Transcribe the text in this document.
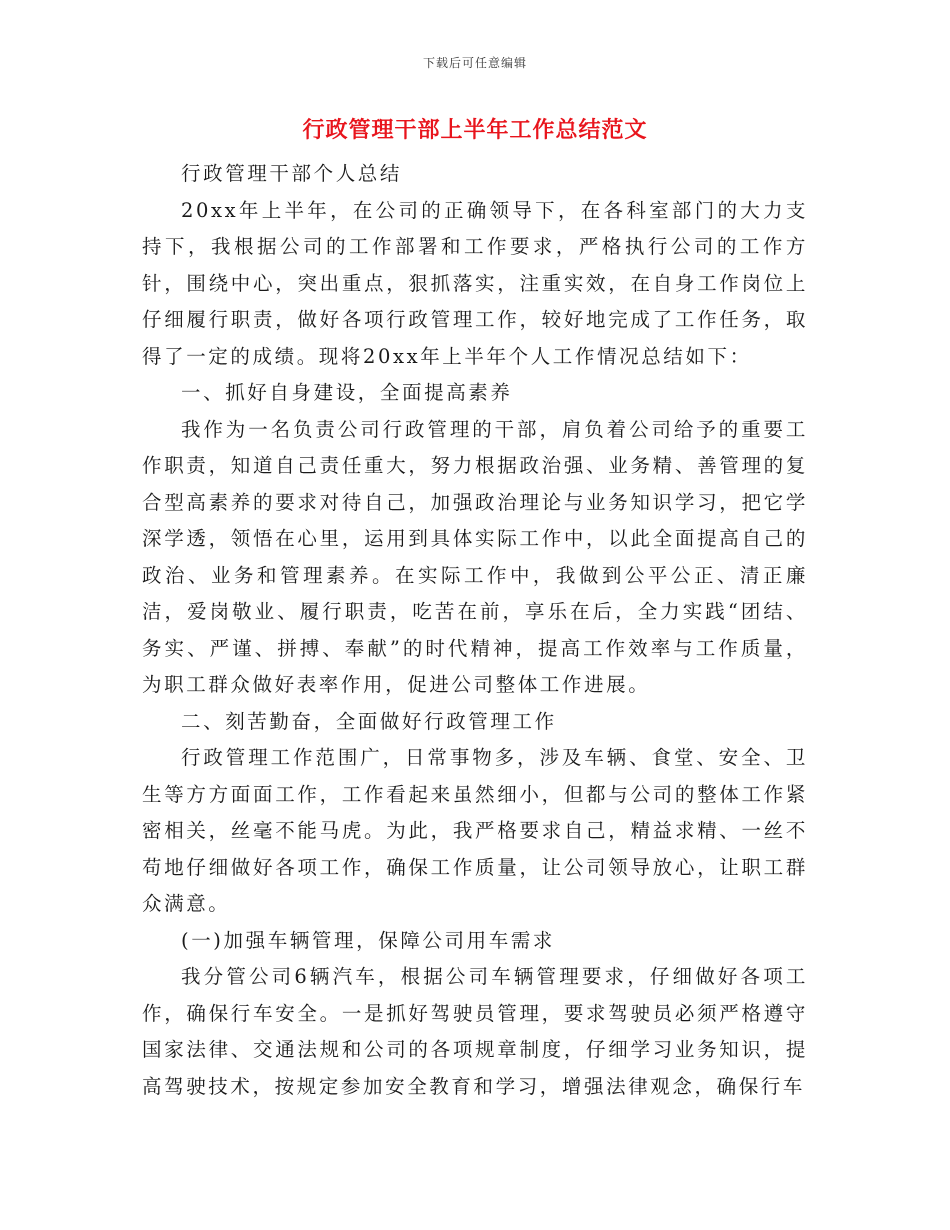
下载后可任意编辑
行政管理干部上半年工作总结范文

行政管理干部个人总结

20xx年上半年，在公司的正确领导下，在各科室部门的大力支持下，我根据公司的工作部署和工作要求，严格执行公司的工作方针，围绕中心，突出重点，狠抓落实，注重实效，在自身工作岗位上仔细履行职责，做好各项行政管理工作，较好地完成了工作任务，取得了一定的成绩。现将20xx年上半年个人工作情况总结如下：

一、抓好自身建设，全面提高素养

我作为一名负责公司行政管理的干部，肩负着公司给予的重要工作职责，知道自己责任重大，努力根据政治强、业务精、善管理的复合型高素养的要求对待自己，加强政治理论与业务知识学习，把它学深学透，领悟在心里，运用到具体实际工作中，以此全面提高自己的政治、业务和管理素养。在实际工作中，我做到公平公正、清正廉洁，爱岗敬业、履行职责，吃苦在前，享乐在后，全力实践“团结、务实、严谨、拼搏、奉献”的时代精神，提高工作效率与工作质量，为职工群众做好表率作用，促进公司整体工作进展。

二、刻苦勤奋，全面做好行政管理工作

行政管理工作范围广，日常事物多，涉及车辆、食堂、安全、卫生等方方面面工作，工作看起来虽然细小，但都与公司的整体工作紧密相关，丝毫不能马虎。为此，我严格要求自己，精益求精、一丝不苟地仔细做好各项工作，确保工作质量，让公司领导放心，让职工群众满意。

(一)加强车辆管理，保障公司用车需求

我分管公司6辆汽车，根据公司车辆管理要求，仔细做好各项工作，确保行车安全。一是抓好驾驶员管理，要求驾驶员必须严格遵守国家法律、交通法规和公司的各项规章制度，仔细学习业务知识，提高驾驶技术，按规定参加安全教育和学习，增强法律观念，确保行车
